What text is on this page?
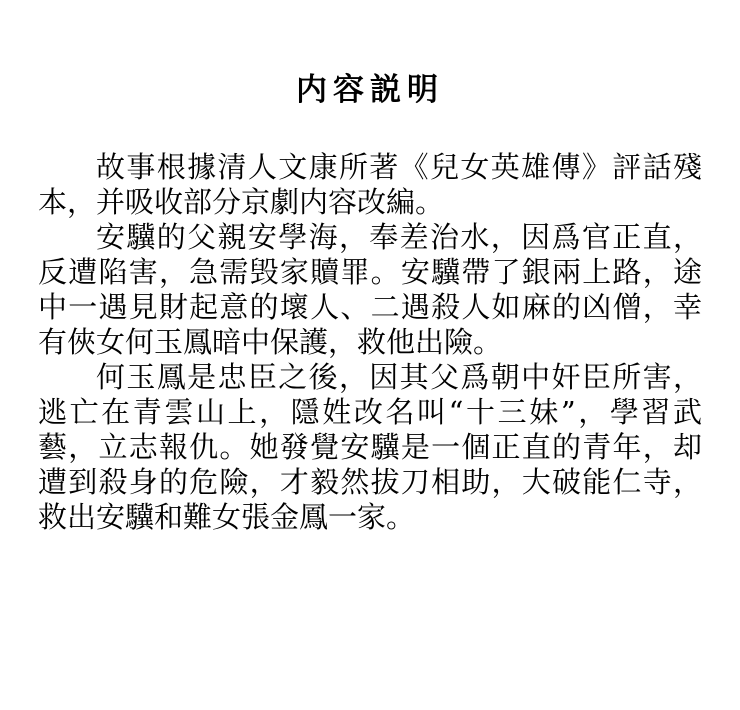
内容説明
故事根據清人文康所著《兒女英雄傳》評話殘
本，并吸收部分京劇内容改編。
安驥的父親安學海，奉差治水，因爲官正直，
反遭陷害，急需毁家贖罪。安驥帶了銀兩上路，途
中一遇見財起意的壞人、二遇殺人如麻的凶僧，幸
有俠女何玉鳳暗中保護，救他出險。
何玉鳳是忠臣之後，因其父爲朝中奸臣所害，
逃亡在青雲山上，隱姓改名叫“十三妹”，學習武
藝，立志報仇。她發覺安驥是一個正直的青年，却
遭到殺身的危險，才毅然拔刀相助，大破能仁寺，
救出安驥和難女張金鳳一家。
